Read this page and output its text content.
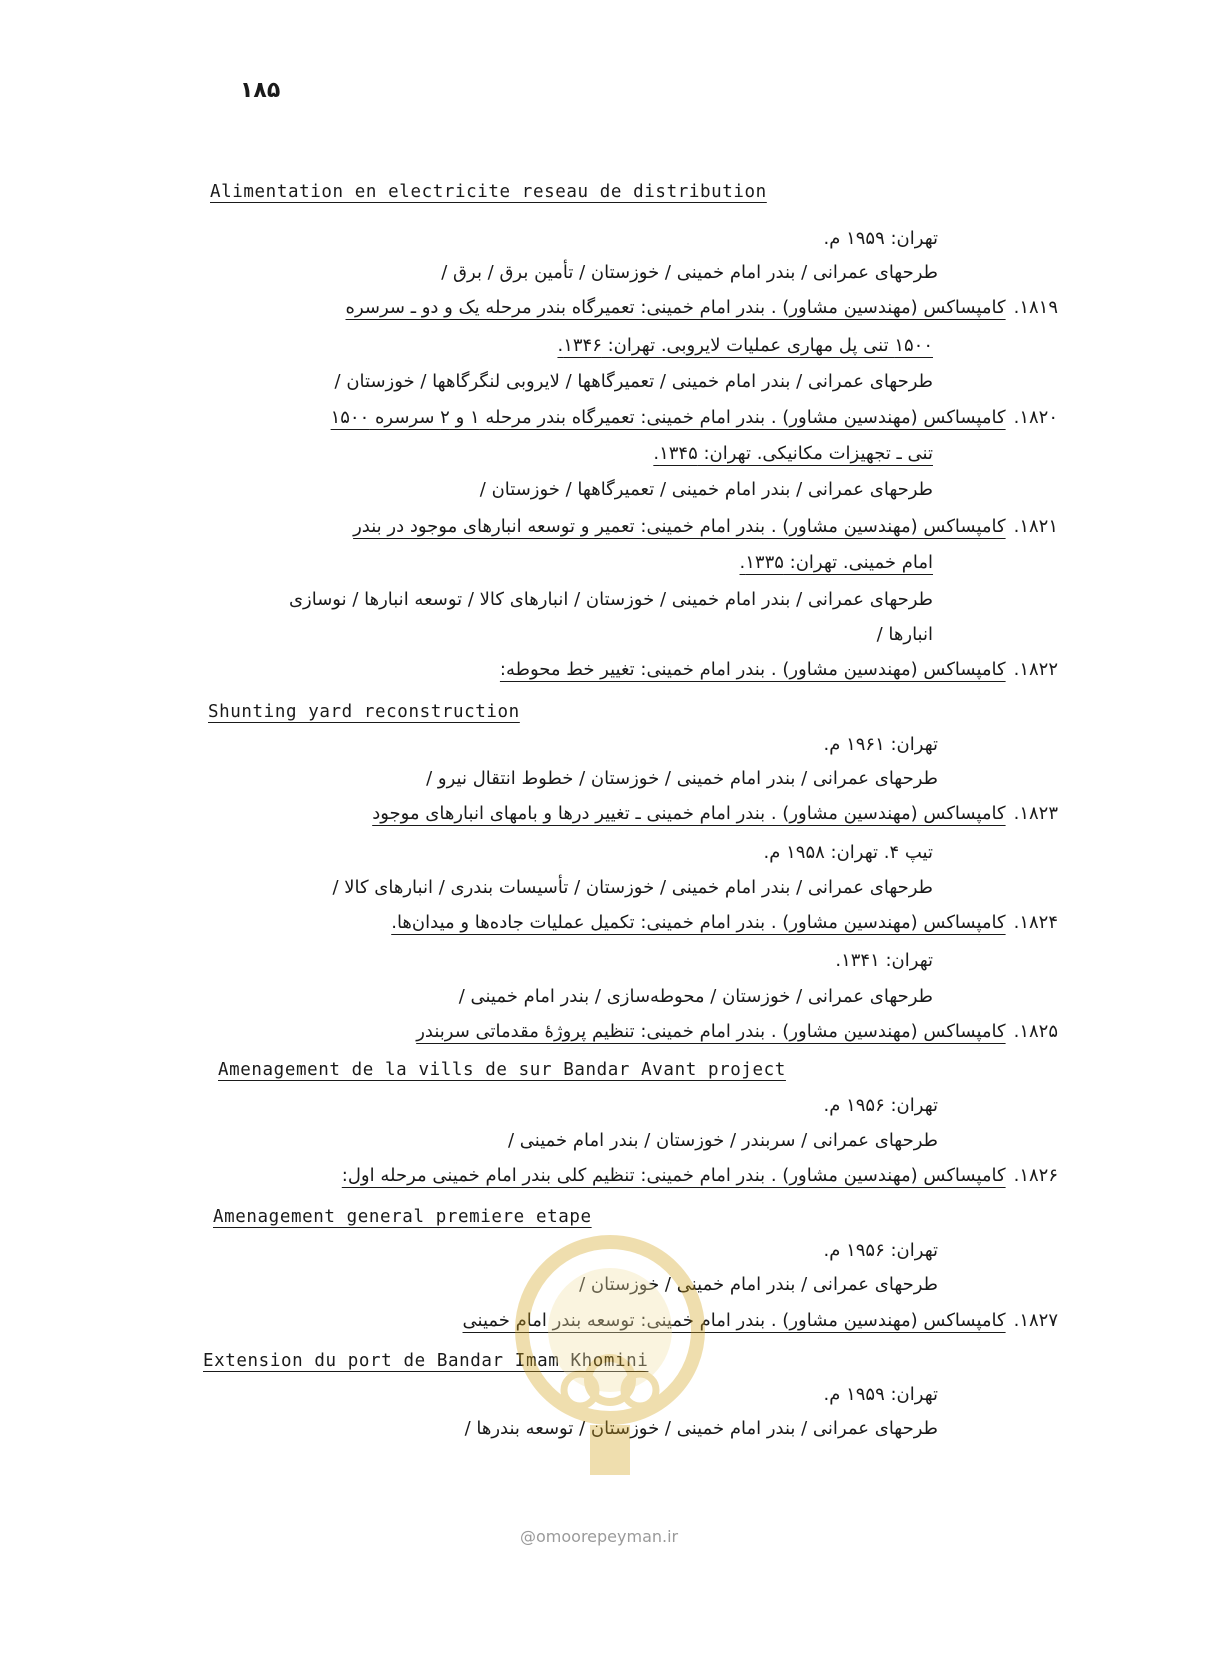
۱۸۵
Alimentation en electricite reseau de distribution
تهران: ۱۹۵۹ م.
طرحهای عمرانی / بندر امام خمینی / خوزستان / تأمین برق / برق /
۱۸۱۹.کامپساکس (مهندسین مشاور) . بندر امام خمینی: تعمیرگاه بندر مرحله یک و دو ـ سرسره
۱۵۰۰ تنی پل مهاری عملیات لایروبی. تهران: ۱۳۴۶.
طرحهای عمرانی / بندر امام خمینی / تعمیرگاهها / لایروبی لنگرگاهها / خوزستان /
۱۸۲۰.کامپساکس (مهندسین مشاور) . بندر امام خمینی: تعمیرگاه بندر مرحله ۱ و ۲ سرسره ۱۵۰۰
تنی ـ تجهیزات مکانیکی. تهران: ۱۳۴۵.
طرحهای عمرانی / بندر امام خمینی / تعمیرگاهها / خوزستان /
۱۸۲۱.کامپساکس (مهندسین مشاور) . بندر امام خمینی: تعمیر و توسعه انبارهای موجود در بندر
امام خمینی. تهران: ۱۳۳۵.
طرحهای عمرانی / بندر امام خمینی / خوزستان / انبارهای کالا / توسعه انبارها / نوسازی
انبارها /
۱۸۲۲.کامپساکس (مهندسین مشاور) . بندر امام خمینی: تغییر خط محوطه:
Shunting yard reconstruction
تهران: ۱۹۶۱ م.
طرحهای عمرانی / بندر امام خمینی / خوزستان / خطوط انتقال نیرو /
۱۸۲۳.کامپساکس (مهندسین مشاور) . بندر امام خمینی ـ تغییر درها و بامهای انبارهای موجود
تیپ ۴. تهران: ۱۹۵۸ م.
طرحهای عمرانی / بندر امام خمینی / خوزستان / تأسیسات بندری / انبارهای کالا /
۱۸۲۴.کامپساکس (مهندسین مشاور) . بندر امام خمینی: تکمیل عملیات جاده‌ها و میدان‌ها.
تهران: ۱۳۴۱.
طرحهای عمرانی / خوزستان / محوطه‌سازی / بندر امام خمینی /
۱۸۲۵.کامپساکس (مهندسین مشاور) . بندر امام خمینی: تنظیم پروژهٔ مقدماتی سربندر
Amenagement de la vills de sur Bandar Avant project
تهران: ۱۹۵۶ م.
طرحهای عمرانی / سربندر / خوزستان / بندر امام خمینی /
۱۸۲۶.کامپساکس (مهندسین مشاور) . بندر امام خمینی: تنظیم کلی بندر امام خمینی مرحله اول:
Amenagement general premiere etape
تهران: ۱۹۵۶ م.
طرحهای عمرانی / بندر امام خمینی / خوزستان /
۱۸۲۷.کامپساکس (مهندسین مشاور) . بندر امام خمینی: توسعه بندر امام خمینی
Extension du port de Bandar Imam Khomini
تهران: ۱۹۵۹ م.
طرحهای عمرانی / بندر امام خمینی / خوزستان / توسعه بندرها /
@omoorepeyman.ir
